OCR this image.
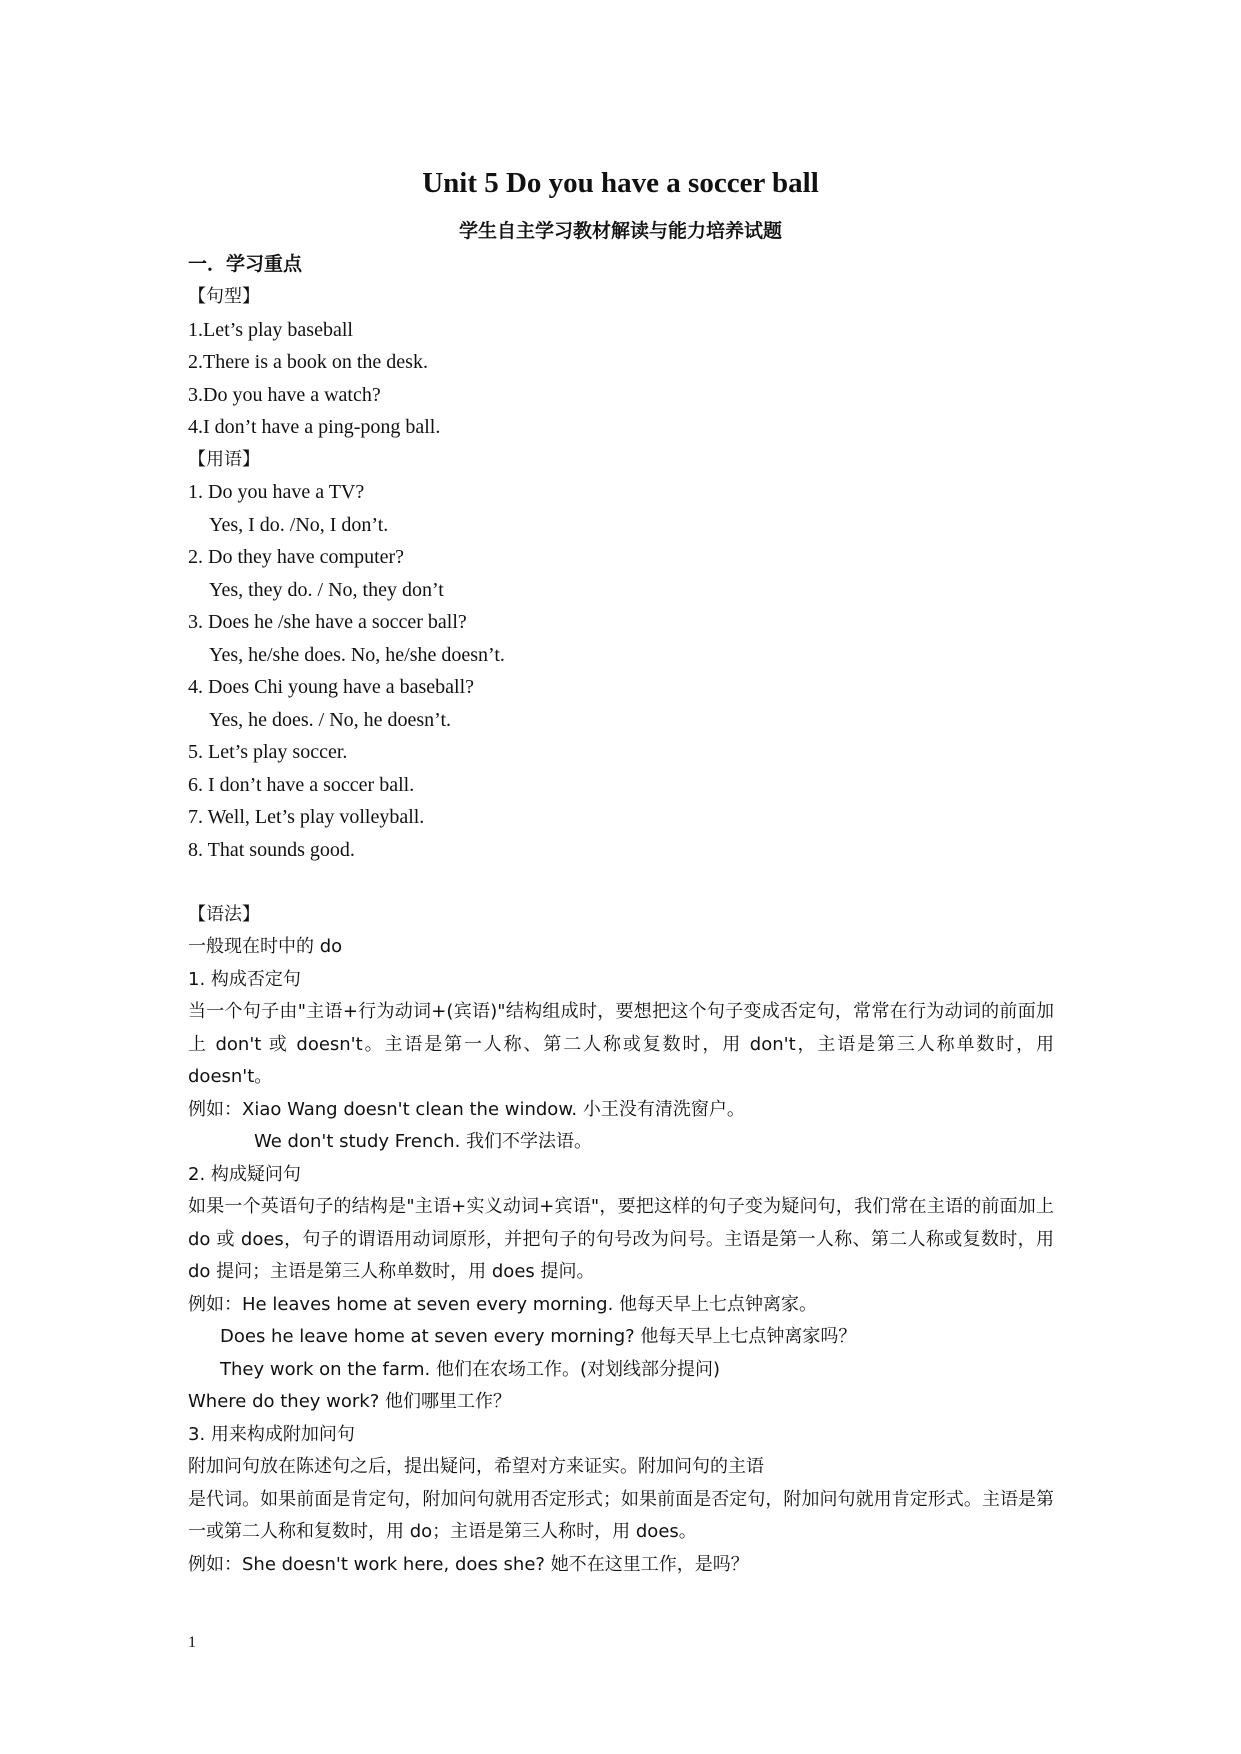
Unit 5 Do you have a soccer ball
学生自主学习教材解读与能力培养试题
一．学习重点
【句型】
1.Let’s play baseball
2.There is a book on the desk.
3.Do you have a watch?
4.I don’t have a ping-pong ball.
【用语】
1. Do you have a TV?
Yes, I do. /No, I don’t.
2. Do they have computer?
Yes, they do. / No, they don’t
3. Does he /she have a soccer ball?
Yes, he/she does. No, he/she doesn’t.
4. Does Chi young have a baseball?
Yes, he does. / No, he doesn’t.
5. Let’s play soccer.
6. I don’t have a soccer ball.
7. Well, Let’s play volleyball.
8. That sounds good.
【语法】
一般现在时中的 do
1. 构成否定句
当一个句子由"主语+行为动词+(宾语)"结构组成时，要想把这个句子变成否定句，常常在行为动词的前面加上 don't 或 doesn't。主语是第一人称、第二人称或复数时，用 don't，主语是第三人称单数时，用 doesn't。
例如：Xiao Wang doesn't clean the window. 小王没有清洗窗户。
We don't study French. 我们不学法语。
2. 构成疑问句
如果一个英语句子的结构是"主语+实义动词+宾语"，要把这样的句子变为疑问句，我们常在主语的前面加上 do 或 does，句子的谓语用动词原形，并把句子的句号改为问号。主语是第一人称、第二人称或复数时，用 do 提问；主语是第三人称单数时，用 does 提问。
例如：He leaves home at seven every morning. 他每天早上七点钟离家。
Does he leave home at seven every morning? 他每天早上七点钟离家吗？
They work on the farm. 他们在农场工作。(对划线部分提问)
Where do they work? 他们哪里工作？
3. 用来构成附加问句
附加问句放在陈述句之后，提出疑问，希望对方来证实。附加问句的主语
是代词。如果前面是肯定句，附加问句就用否定形式；如果前面是否定句，附加问句就用肯定形式。主语是第一或第二人称和复数时，用 do；主语是第三人称时，用 does。
例如：She doesn't work here, does she? 她不在这里工作，是吗？
1
